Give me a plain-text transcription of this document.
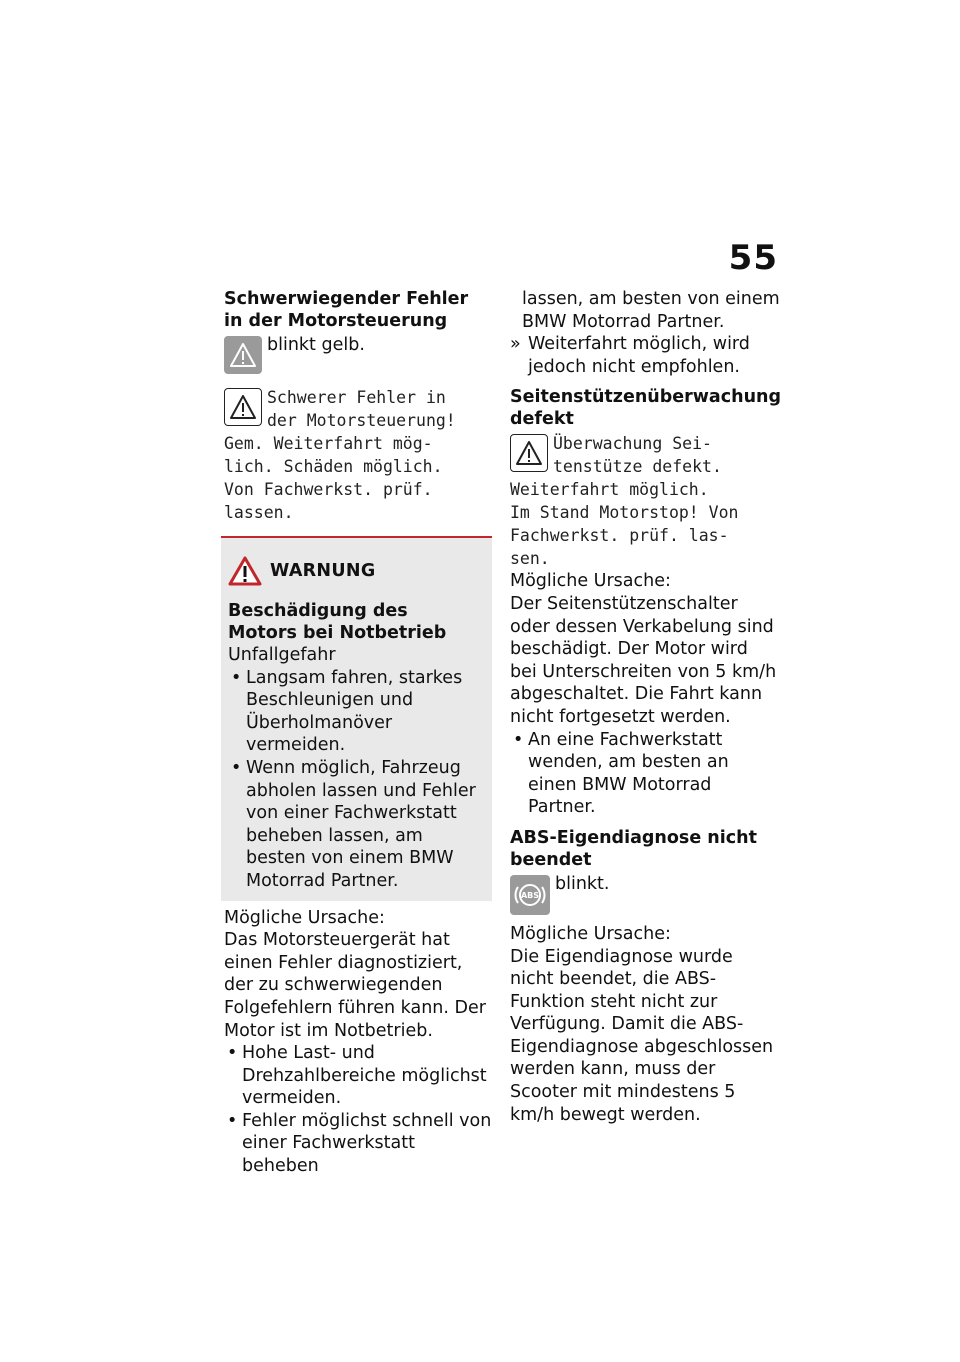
55

Schwerwiegender Fehler in der Motorsteuerung

blinkt gelb.

Schwerer Fehler in

der Motorsteuerung!

Gem. Weiterfahrt mög-
lich. Schäden möglich.
Von Fachwerkst. prüf.
lassen.

WARNUNG

Beschädigung des Motors bei Notbetrieb

Unfallgefahr

• Langsam fahren, starkes Beschleunigen und Überholmanöver vermeiden.
• Wenn möglich, Fahrzeug abholen lassen und Fehler von einer Fachwerkstatt beheben lassen, am besten von einem BMW Motorrad Partner.

Mögliche Ursache:

Das Motorsteuergerät hat einen Fehler diagnostiziert, der zu schwerwiegenden Folgefehlern führen kann. Der Motor ist im Notbetrieb.

• Hohe Last- und Drehzahlbereiche möglichst vermeiden.
• Fehler möglichst schnell von einer Fachwerkstatt beheben

lassen, am besten von einem BMW Motorrad Partner.

» Weiterfahrt möglich, wird jedoch nicht empfohlen.

Seitenstützenüberwachung defekt

Überwachung Sei-

tenstütze defekt.

Weiterfahrt möglich.
Im Stand Motorstop! Von
Fachwerkst. prüf. las-
sen.

Mögliche Ursache:

Der Seitenstützenschalter oder dessen Verkabelung sind beschädigt. Der Motor wird bei Unterschreiten von 5 km/h abgeschaltet. Die Fahrt kann nicht fortgesetzt werden.

• An eine Fachwerkstatt wenden, am besten an einen BMW Motorrad Partner.

ABS-Eigendiagnose nicht beendet

ABS
blinkt.

Mögliche Ursache:

Die Eigendiagnose wurde nicht beendet, die ABS-Funktion steht nicht zur Verfügung. Damit die ABS-Eigendiagnose abgeschlossen werden kann, muss der Scooter mit mindestens 5 km/h bewegt werden.
